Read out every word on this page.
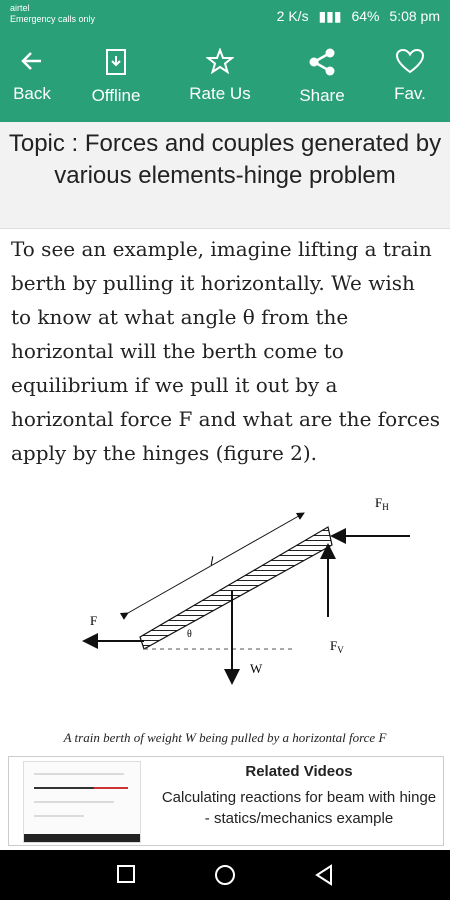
airtel
Emergency calls only	2 K/s ▮▮▮ 64% 5:08 pm
Back	Offline	Rate Us	Share	Fav.
Topic : Forces and couples generated by various elements-hinge problem
To see an example, imagine lifting a train berth by pulling it horizontally. We wish to know at what angle θ from the horizontal will the berth come to equilibrium if we pull it out by a horizontal force F and what are the forces apply by the hinges (figure 2).
l
θ
F
W
$F_H$
$F_V$
A train berth of weight W being pulled by a horizontal force F
Related Videos
Calculating reactions for beam with hinge - statics/mechanics example
